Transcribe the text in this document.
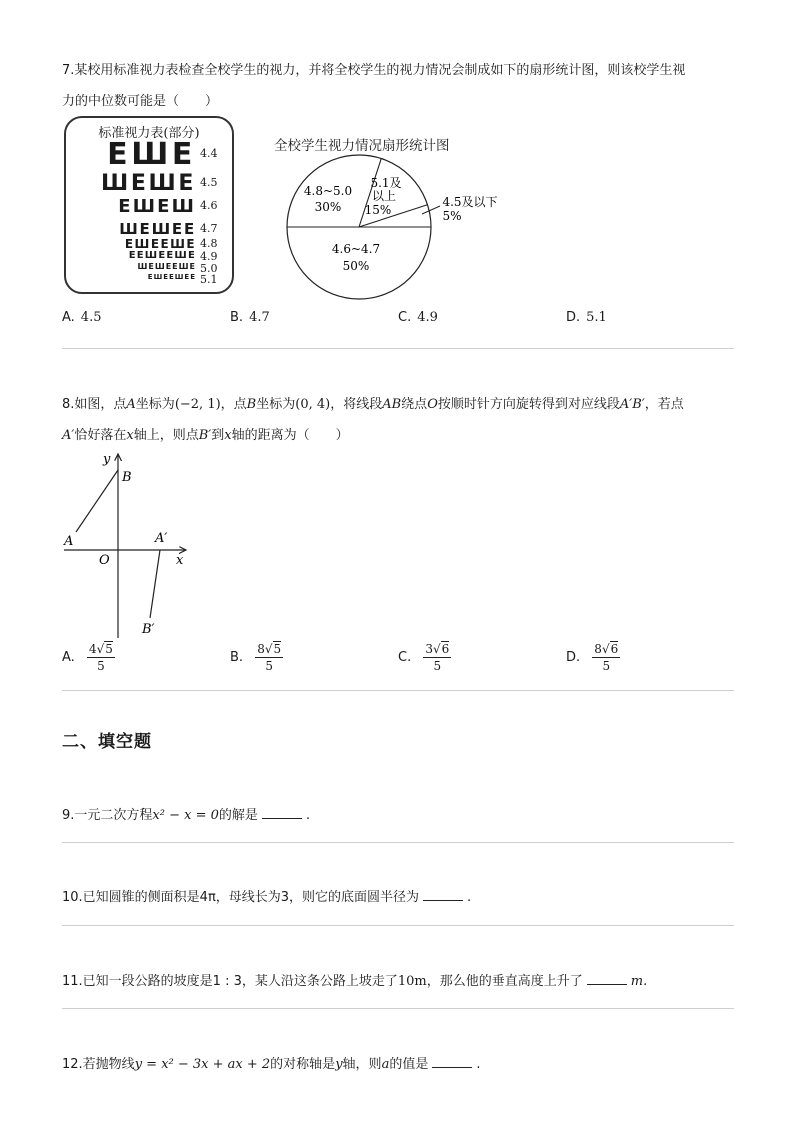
7.某校用标准视力表检查全校学生的视力，并将全校学生的视力情况会制成如下的扇形统计图，则该校学生视
力的中位数可能是（　　）
标准视力表(部分)
ЕШЕ 4.4
ШЕШЕ 4.5
ЕШЕШ 4.6
ШЕШЕЕ 4.7
ЕШЕЕШЕ 4.8
ЕЕШЕЕШЕ 4.9
ШЕШЕЕШЕ 5.0
ЕШЕЕШЕЕ 5.1
全校学生视力情况扇形统计图
4.8~5.0
30%
5.1及
以上
15%
4.5及以下
5%
4.6~4.7
50%
A. 4.5	B. 4.7	C. 4.9	D. 5.1
8.如图，点A坐标为(−2, 1)，点B坐标为(0, 4)，将线段AB绕点O按顺时针方向旋转得到对应线段A′B′，若点
A′恰好落在x轴上，则点B′到x轴的距离为（　　）
y
B
A	A′
O	x
B′
A. $\frac{4√5}{5}$	B. $\frac{8√5}{5}$	C. $\frac{3√6}{5}$	D. $\frac{8√6}{5}$
二、填空题
9.一元二次方程x² − x = 0的解是	.
10.已知圆锥的侧面积是4π，母线长为3，则它的底面圆半径为	.
11.已知一段公路的坡度是1 : 3，某人沿这条公路上坡走了10m，那么他的垂直高度上升了	m.
12.若抛物线y = x² − 3x + ax + 2的对称轴是y轴，则a的值是	.
